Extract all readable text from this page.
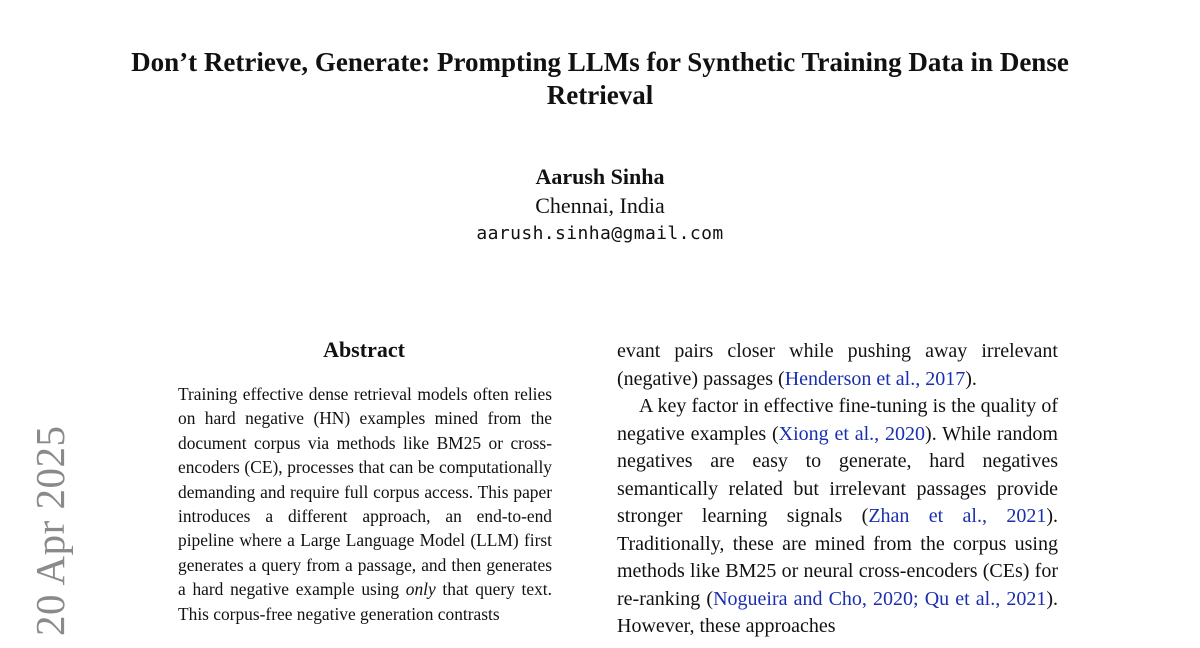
Don’t Retrieve, Generate: Prompting LLMs for Synthetic Training Data in Dense Retrieval
Aarush Sinha
Chennai, India
aarush.sinha@gmail.com
20 Apr 2025
Abstract

Training effective dense retrieval models often relies on hard negative (HN) examples mined from the document corpus via methods like BM25 or cross-encoders (CE), processes that can be computationally demanding and require full corpus access. This paper introduces a different approach, an end-to-end pipeline where a Large Language Model (LLM) first generates a query from a passage, and then generates a hard negative example using only that query text. This corpus-free negative generation contrasts

evant pairs closer while pushing away irrelevant (negative) passages (Henderson et al., 2017).

A key factor in effective fine-tuning is the quality of negative examples (Xiong et al., 2020). While random negatives are easy to generate, hard negatives semantically related but irrelevant passages provide stronger learning signals (Zhan et al., 2021). Traditionally, these are mined from the corpus using methods like BM25 or neural cross-encoders (CEs) for re-ranking (Nogueira and Cho, 2020; Qu et al., 2021). However, these approaches
